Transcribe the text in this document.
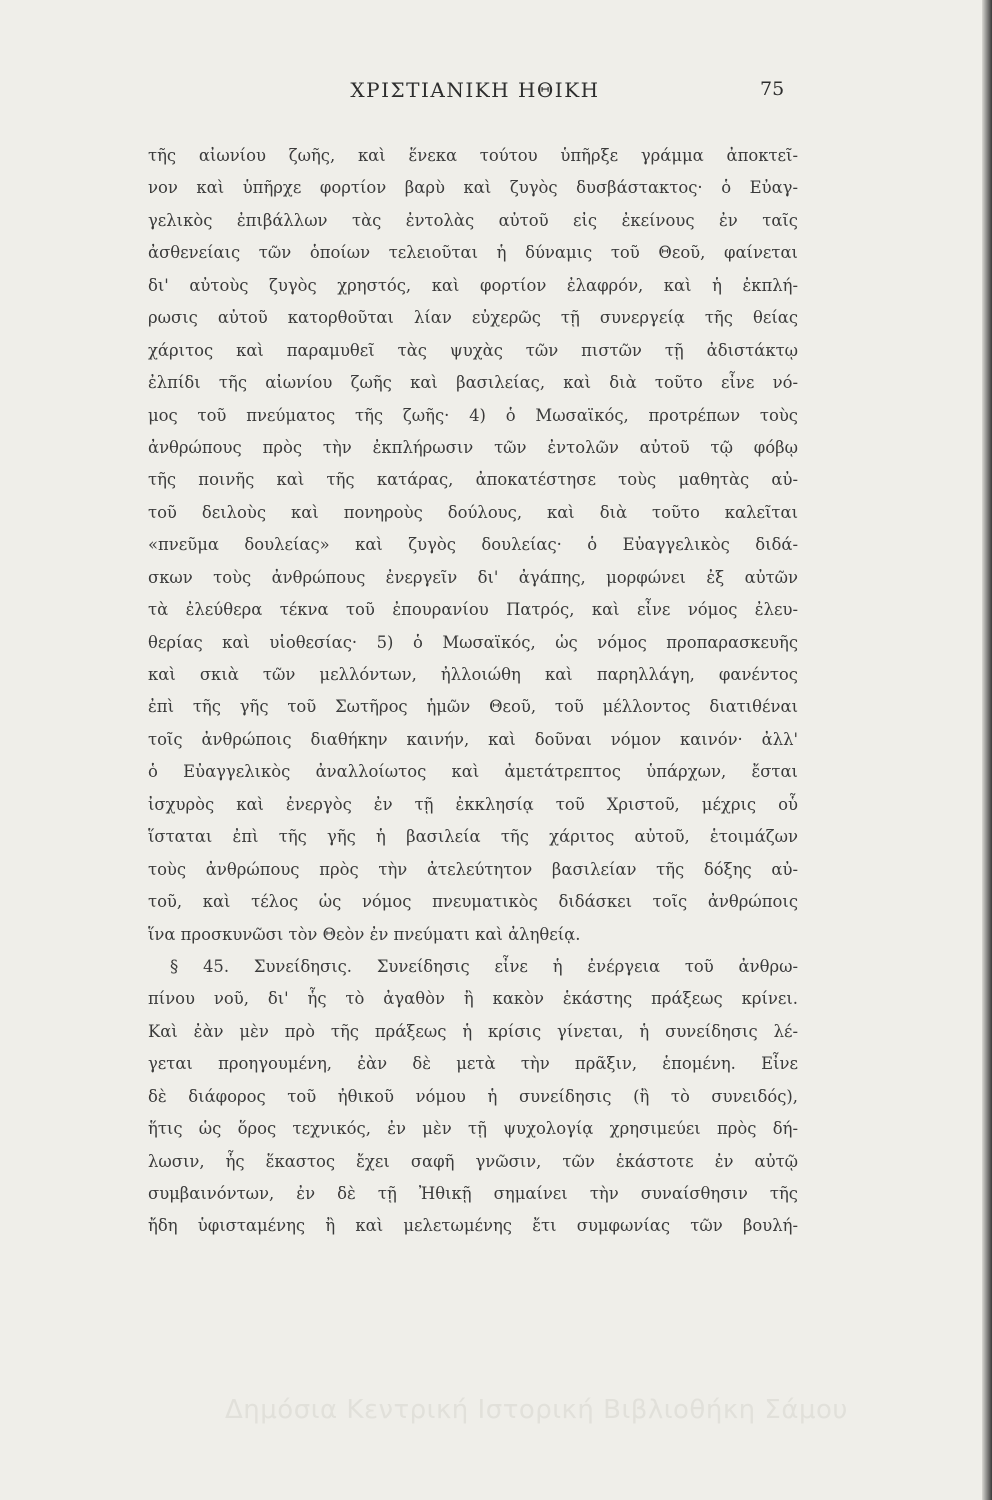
ΧΡΙΣΤΙΑΝΙΚΗ ΗΘΙΚΗ	75
τῆς αἰωνίου ζωῆς, καὶ ἕνεκα τούτου ὑπῆρξε γράμμα ἀποκτεῖ-
νον καὶ ὑπῆρχε φορτίον βαρὺ καὶ ζυγὸς δυσβάστακτος· ὁ Εὐαγ-
γελικὸς ἐπιβάλλων τὰς ἐντολὰς αὐτοῦ εἰς ἐκείνους ἐν ταῖς
ἀσθενείαις τῶν ὁποίων τελειοῦται ἡ δύναμις τοῦ Θεοῦ, φαίνεται
δι' αὐτοὺς ζυγὸς χρηστός, καὶ φορτίον ἐλαφρόν, καὶ ἡ ἐκπλή-
ρωσις αὐτοῦ κατορθοῦται λίαν εὐχερῶς τῇ συνεργείᾳ τῆς θείας
χάριτος καὶ παραμυθεῖ τὰς ψυχὰς τῶν πιστῶν τῇ ἀδιστάκτῳ
ἐλπίδι τῆς αἰωνίου ζωῆς καὶ βασιλείας, καὶ διὰ τοῦτο εἶνε νό-
μος τοῦ πνεύματος τῆς ζωῆς· 4) ὁ Μωσαϊκός, προτρέπων τοὺς
ἀνθρώπους πρὸς τὴν ἐκπλήρωσιν τῶν ἐντολῶν αὐτοῦ τῷ φόβῳ
τῆς ποινῆς καὶ τῆς κατάρας, ἀποκατέστησε τοὺς μαθητὰς αὐ-
τοῦ δειλοὺς καὶ πονηροὺς δούλους, καὶ διὰ τοῦτο καλεῖται
«πνεῦμα δουλείας» καὶ ζυγὸς δουλείας· ὁ Εὐαγγελικὸς διδά-
σκων τοὺς ἀνθρώπους ἐνεργεῖν δι' ἀγάπης, μορφώνει ἐξ αὐτῶν
τὰ ἐλεύθερα τέκνα τοῦ ἐπουρανίου Πατρός, καὶ εἶνε νόμος ἐλευ-
θερίας καὶ υἱοθεσίας· 5) ὁ Μωσαϊκός, ὡς νόμος προπαρασκευῆς
καὶ σκιὰ τῶν μελλόντων, ἠλλοιώθη καὶ παρηλλάγη, φανέντος
ἐπὶ τῆς γῆς τοῦ Σωτῆρος ἡμῶν Θεοῦ, τοῦ μέλλοντος διατιθέναι
τοῖς ἀνθρώποις διαθήκην καινήν, καὶ δοῦναι νόμον καινόν· ἀλλ'
ὁ Εὐαγγελικὸς ἀναλλοίωτος καὶ ἀμετάτρεπτος ὑπάρχων, ἔσται
ἰσχυρὸς καὶ ἐνεργὸς ἐν τῇ ἐκκλησίᾳ τοῦ Χριστοῦ, μέχρις οὗ
ἵσταται ἐπὶ τῆς γῆς ἡ βασιλεία τῆς χάριτος αὐτοῦ, ἑτοιμάζων
τοὺς ἀνθρώπους πρὸς τὴν ἀτελεύτητον βασιλείαν τῆς δόξης αὐ-
τοῦ, καὶ τέλος ὡς νόμος πνευματικὸς διδάσκει τοῖς ἀνθρώποις
ἵνα προσκυνῶσι τὸν Θεὸν ἐν πνεύματι καὶ ἀληθείᾳ.
§ 45. Συνείδησις. Συνείδησις εἶνε ἡ ἐνέργεια τοῦ ἀνθρω-
πίνου νοῦ, δι' ἧς τὸ ἀγαθὸν ἢ κακὸν ἑκάστης πράξεως κρίνει.
Καὶ ἐὰν μὲν πρὸ τῆς πράξεως ἡ κρίσις γίνεται, ἡ συνείδησις λέ-
γεται προηγουμένη, ἐὰν δὲ μετὰ τὴν πρᾶξιν, ἑπομένη. Εἶνε
δὲ διάφορος τοῦ ἠθικοῦ νόμου ἡ συνείδησις (ἢ τὸ συνειδός),
ἥτις ὡς ὅρος τεχνικός, ἐν μὲν τῇ ψυχολογίᾳ χρησιμεύει πρὸς δή-
λωσιν, ἧς ἕκαστος ἔχει σαφῆ γνῶσιν, τῶν ἑκάστοτε ἐν αὐτῷ
συμβαινόντων, ἐν δὲ τῇ Ἠθικῇ σημαίνει τὴν συναίσθησιν τῆς
ἤδη ὑφισταμένης ἢ καὶ μελετωμένης ἔτι συμφωνίας τῶν βουλή-
Δημόσια Κεντρική Ιστορική Βιβλιοθήκη Σάμου
